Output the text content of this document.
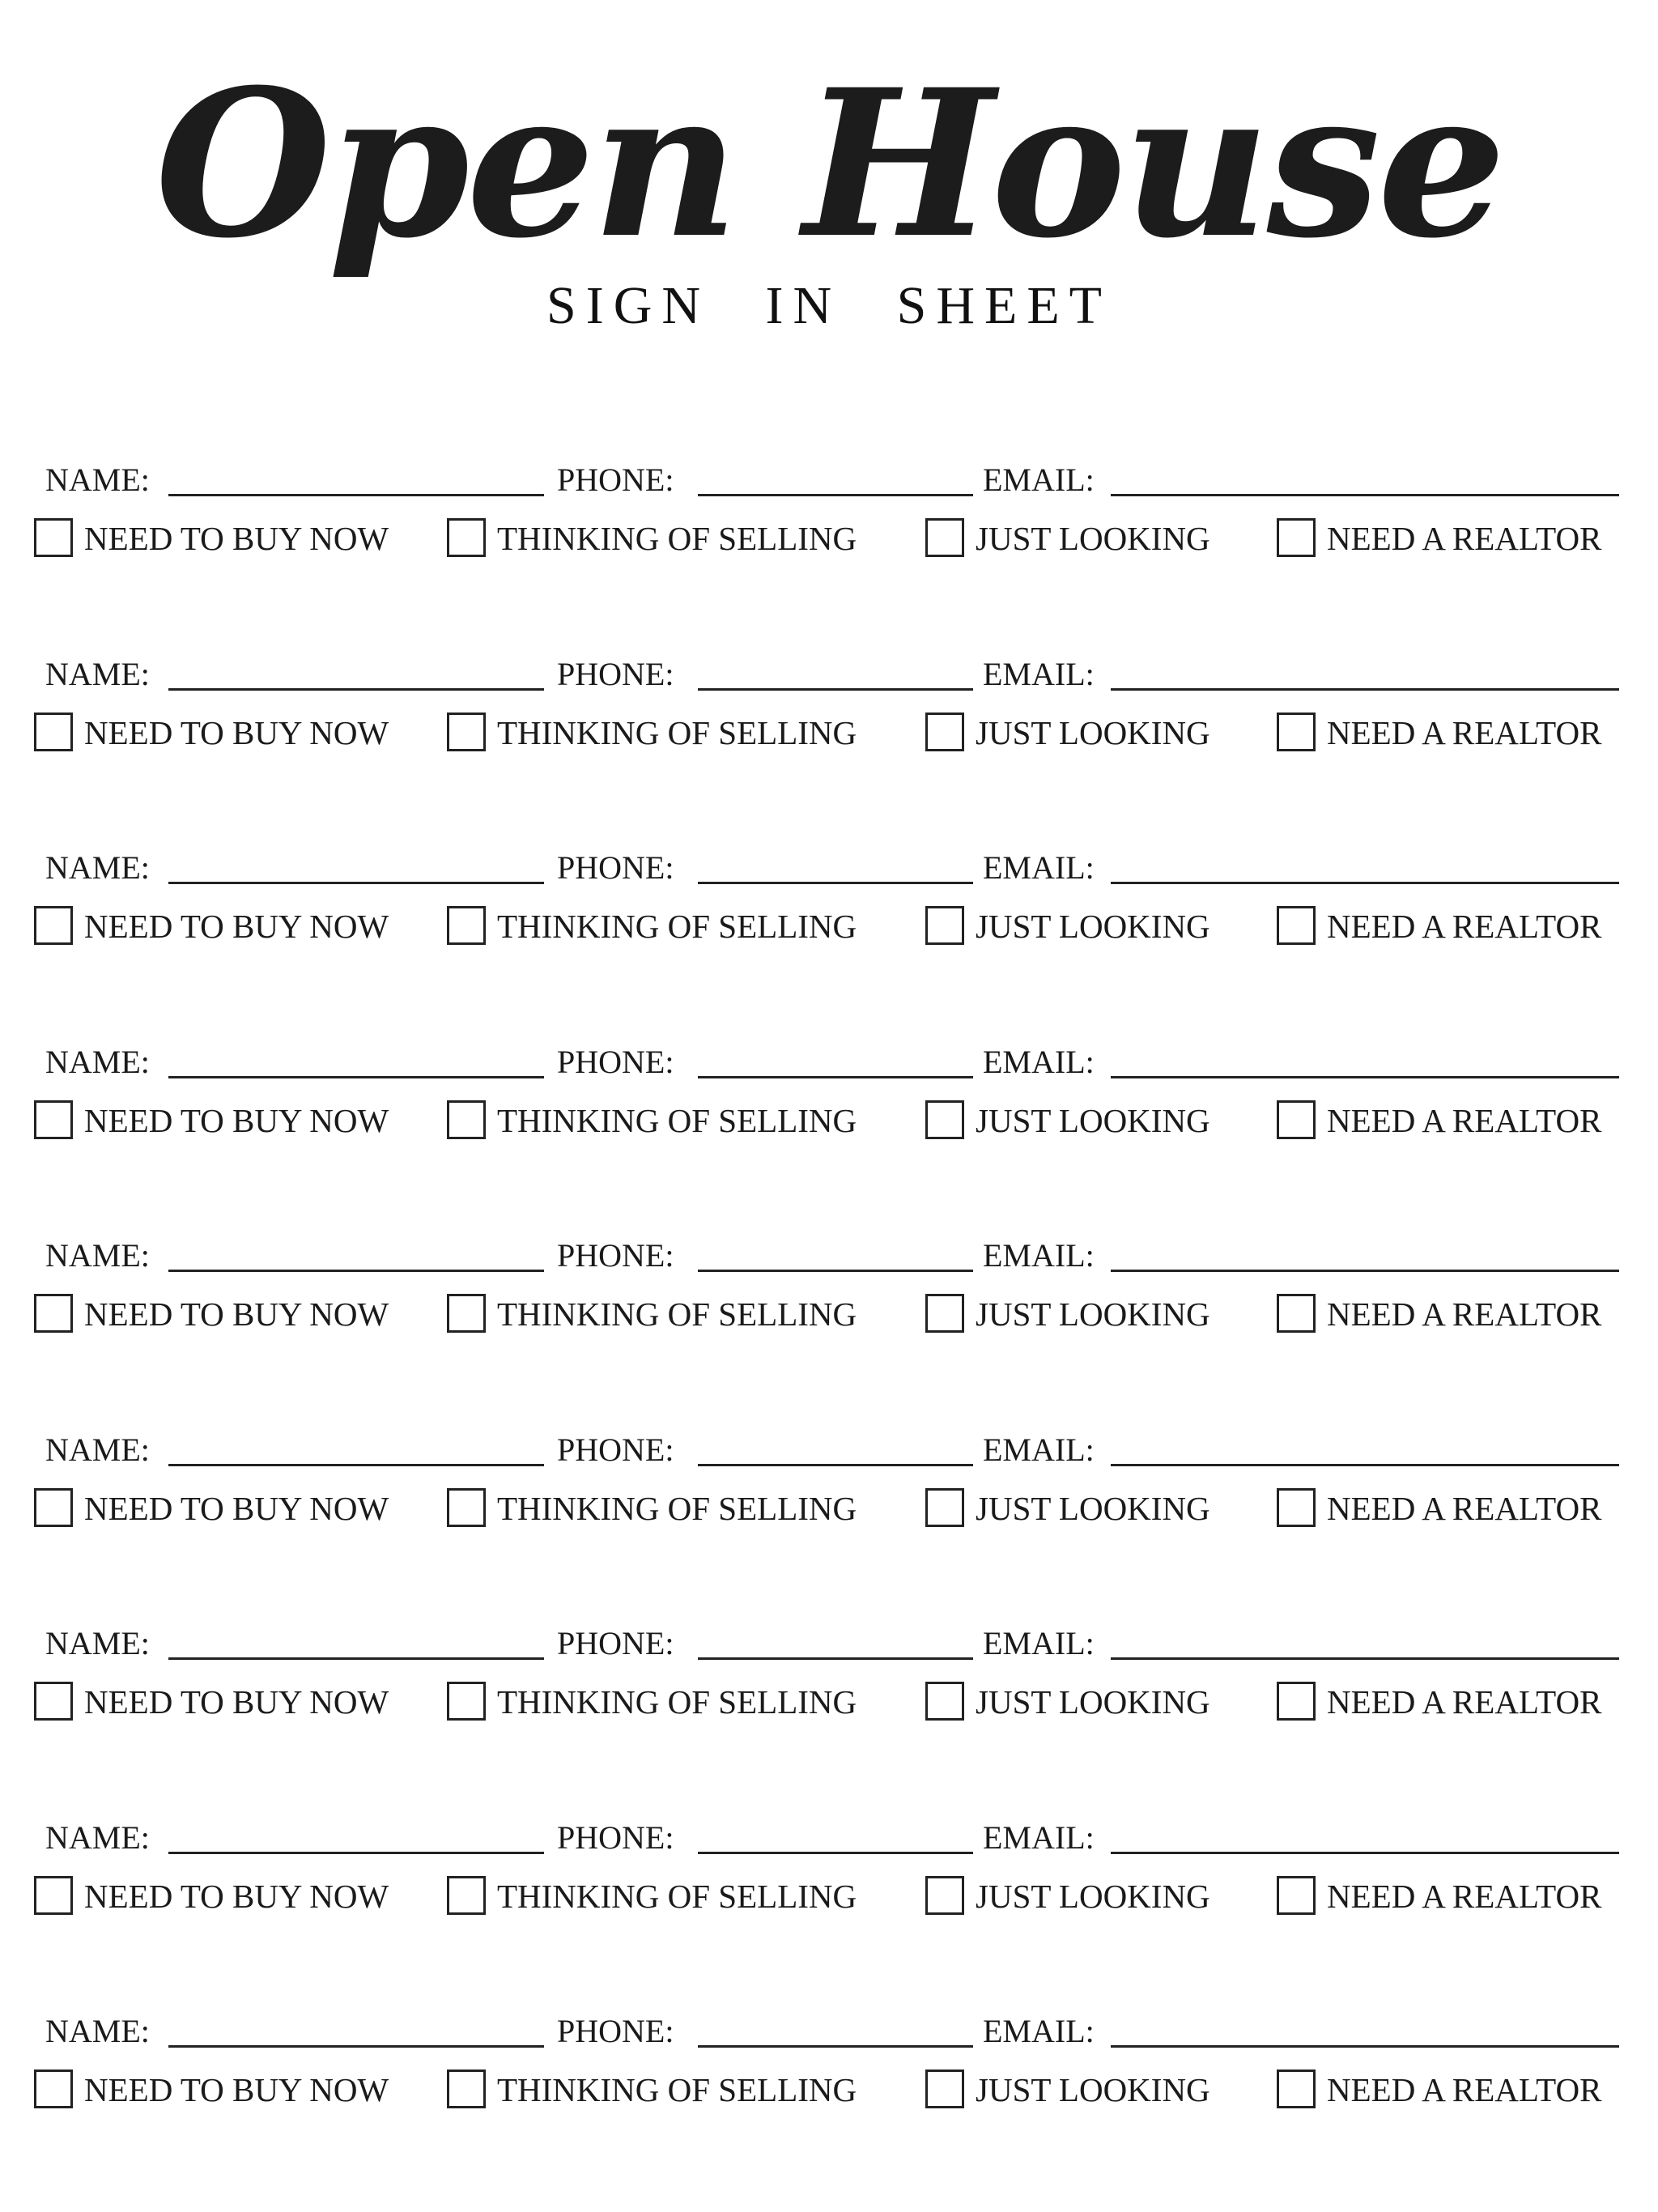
Open House
SIGN IN SHEET
NAME:	PHONE:	EMAIL:
NEED TO BUY NOW	THINKING OF SELLING	JUST LOOKING	NEED A REALTOR
NAME:	PHONE:	EMAIL:
NEED TO BUY NOW	THINKING OF SELLING	JUST LOOKING	NEED A REALTOR
NAME:	PHONE:	EMAIL:
NEED TO BUY NOW	THINKING OF SELLING	JUST LOOKING	NEED A REALTOR
NAME:	PHONE:	EMAIL:
NEED TO BUY NOW	THINKING OF SELLING	JUST LOOKING	NEED A REALTOR
NAME:	PHONE:	EMAIL:
NEED TO BUY NOW	THINKING OF SELLING	JUST LOOKING	NEED A REALTOR
NAME:	PHONE:	EMAIL:
NEED TO BUY NOW	THINKING OF SELLING	JUST LOOKING	NEED A REALTOR
NAME:	PHONE:	EMAIL:
NEED TO BUY NOW	THINKING OF SELLING	JUST LOOKING	NEED A REALTOR
NAME:	PHONE:	EMAIL:
NEED TO BUY NOW	THINKING OF SELLING	JUST LOOKING	NEED A REALTOR
NAME:	PHONE:	EMAIL:
NEED TO BUY NOW	THINKING OF SELLING	JUST LOOKING	NEED A REALTOR
